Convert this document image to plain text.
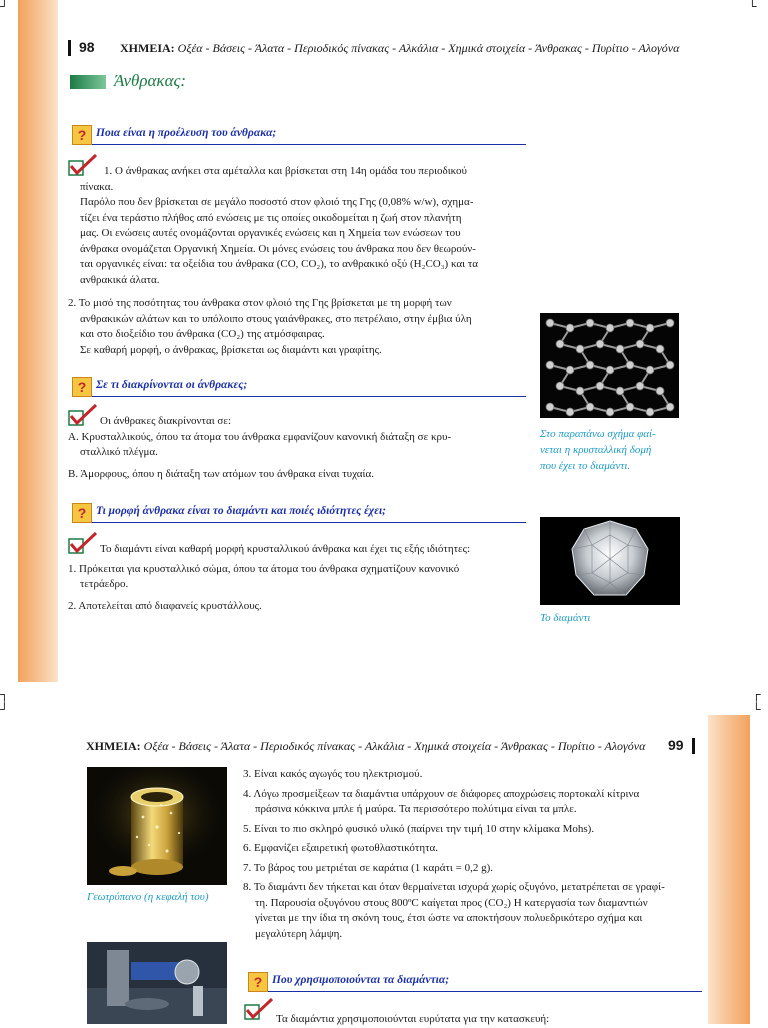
┘	└
┐
┘
┌
└
98 ΧΗΜΕΙΑ: Οξέα - Βάσεις - Άλατα - Περιοδικός πίνακας - Αλκάλια - Χημικά στοιχεία - Άνθρακας - Πυρίτιο - Αλογόνα
Άνθρακας:
? Ποια είναι η προέλευση του άνθρακα;
1. Ο άνθρακας ανήκει στα αμέταλλα και βρίσκεται στη 14η ομάδα του περιοδικού
πίνακα.
Παρόλο που δεν βρίσκεται σε μεγάλο ποσοστό στον φλοιό της Γης (0,08% w/w), σχημα-
τίζει ένα τεράστιο πλήθος από ενώσεις με τις οποίες οικοδομείται η ζωή στον πλανήτη
μας. Οι ενώσεις αυτές ονομάζονται οργανικές ενώσεις και η Χημεία των ενώσεων του
άνθρακα ονομάζεται Οργανική Χημεία. Οι μόνες ενώσεις του άνθρακα που δεν θεωρούν-
ται οργανικές είναι: τα οξείδια του άνθρακα (CO, CO₂), το ανθρακικό οξύ (H₂CO₃) και τα
ανθρακικά άλατα.
2. Το μισό της ποσότητας του άνθρακα στον φλοιό της Γης βρίσκεται με τη μορφή των
ανθρακικών αλάτων και το υπόλοιπο στους γαιάνθρακες, στο πετρέλαιο, στην έμβια ύλη
και στο διοξείδιο του άνθρακα (CO₂) της ατμόσφαιρας.
Σε καθαρή μορφή, ο άνθρακας, βρίσκεται ως διαμάντι και γραφίτης.
Στο παραπάνω σχήμα φαί-
νεται η κρυσταλλική δομή
που έχει το διαμάντι.
? Σε τι διακρίνονται οι άνθρακες;
Οι άνθρακες διακρίνονται σε:
Α. Κρυσταλλικούς, όπου τα άτομα του άνθρακα εμφανίζουν κανονική διάταξη σε κρυ-
σταλλικό πλέγμα.
Β. Άμορφους, όπου η διάταξη των ατόμων του άνθρακα είναι τυχαία.
? Τι μορφή άνθρακα είναι το διαμάντι και ποιές ιδιότητες έχει;
Το διαμάντι είναι καθαρή μορφή κρυσταλλικού άνθρακα και έχει τις εξής ιδιότητες:
1. Πρόκειται για κρυσταλλικό σώμα, όπου τα άτομα του άνθρακα σχηματίζουν κανονικό
τετράεδρο.
2. Αποτελείται από διαφανείς κρυστάλλους.
Το διαμάντι
ΧΗΜΕΙΑ: Οξέα - Βάσεις - Άλατα - Περιοδικός πίνακας - Αλκάλια - Χημικά στοιχεία - Άνθρακας - Πυρίτιο - Αλογόνα 99
Γεωτρύπανο (η κεφαλή του)
3. Είναι κακός αγωγός του ηλεκτρισμού.
4. Λόγω προσμείξεων τα διαμάντια υπάρχουν σε διάφορες αποχρώσεις πορτοκαλί κίτρινα
πράσινα κόκκινα μπλε ή μαύρα. Τα περισσότερο πολύτιμα είναι τα μπλε.
5. Είναι το πιο σκληρό φυσικό υλικό (παίρνει την τιμή 10 στην κλίμακα Mohs).
6. Εμφανίζει εξαιρετική φωτοθλαστικότητα.
7. Το βάρος του μετριέται σε καράτια (1 καράτι = 0,2 g).
8. Το διαμάντι δεν τήκεται και όταν θερμαίνεται ισχυρά χωρίς οξυγόνο, μετατρέπεται σε γραφί-
τη. Παρουσία οξυγόνου στους 800ºC καίγεται προς (CO₂) Η κατεργασία των διαμαντιών
γίνεται με την ίδια τη σκόνη τους, έτσι ώστε να αποκτήσουν πολυεδρικότερο σχήμα και
μεγαλύτερη λάμψη.
? Που χρησιμοποιούνται τα διαμάντια;
Τα διαμάντια χρησιμοποιούνται ευρύτατα για την κατασκευή:
